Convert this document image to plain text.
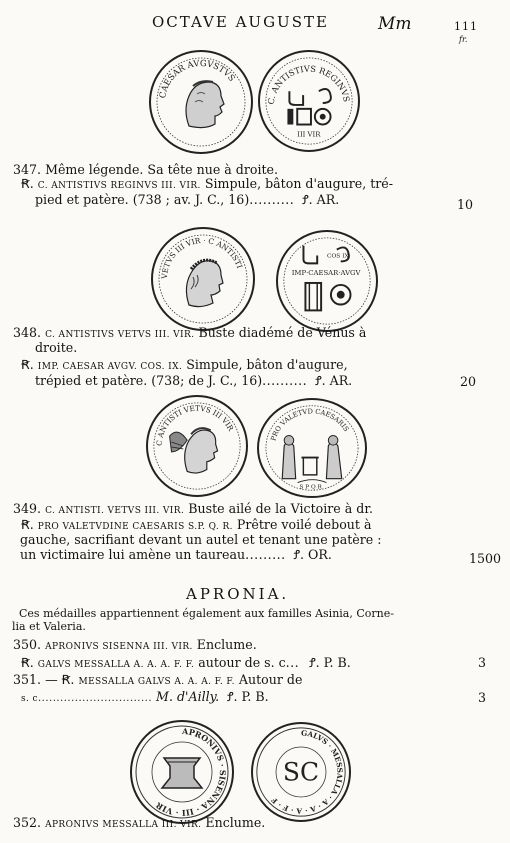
OCTAVE AUGUSTE	Mm	111
fr.
CAESAR AVGVSTVS
C. ANTISTIVS REGINVS
III VIR
347. Même légende. Sa tête nue à droite.
Ꞧ. C. ANTISTIVS REGINVS III. VIR. Simpule, bâton d'augure, tré-
pied et patère. (738 ; av. J. C., 16).......... Ꝭ. AR.	10
VETVS III VIR · C ANTISTI
COS IX
IMP·CAESAR·AVGV
348. C. ANTISTIVS VETVS III. VIR. Buste diadémé de Vénus à
droite.
Ꞧ. IMP. CAESAR AVGV. COS. IX. Simpule, bâton d'augure,
trépied et patère. (738; de J. C., 16).......... Ꝭ. AR.	20
C ANTISTI VETVS III VIR
PRO VALETVD CAESARIS
S P Q R
349. C. ANTISTI. VETVS III. VIR. Buste ailé de la Victoire à dr.
Ꞧ. PRO VALETVDINE CAESARIS S.P. Q. R. Prêtre voilé debout à
gauche, sacrifiant devant un autel et tenant une patère :
un victimaire lui amène un taureau......... Ꝭ. OR.	1500
APRONIA.
Ces médailles appartiennent également aux familles Asinia, Corne-
lia et Valeria.
350. APRONIVS SISENNA III. VIR. Enclume.
Ꞧ. GALVS MESSALLA A. A. A. F. F. autour de s. c... Ꝭ. P. B.	3
351. — Ꞧ. MESSALLA GALVS A. A. A. F. F. Autour de
s. c............................... M. d'Ailly. Ꝭ. P. B.	3
APRONIVS · SISENNA · III · VIR
GALVS · MESSALLA · A · A · A · F · F
SC
352. APRONIVS MESSALLA III. VIR. Enclume.
